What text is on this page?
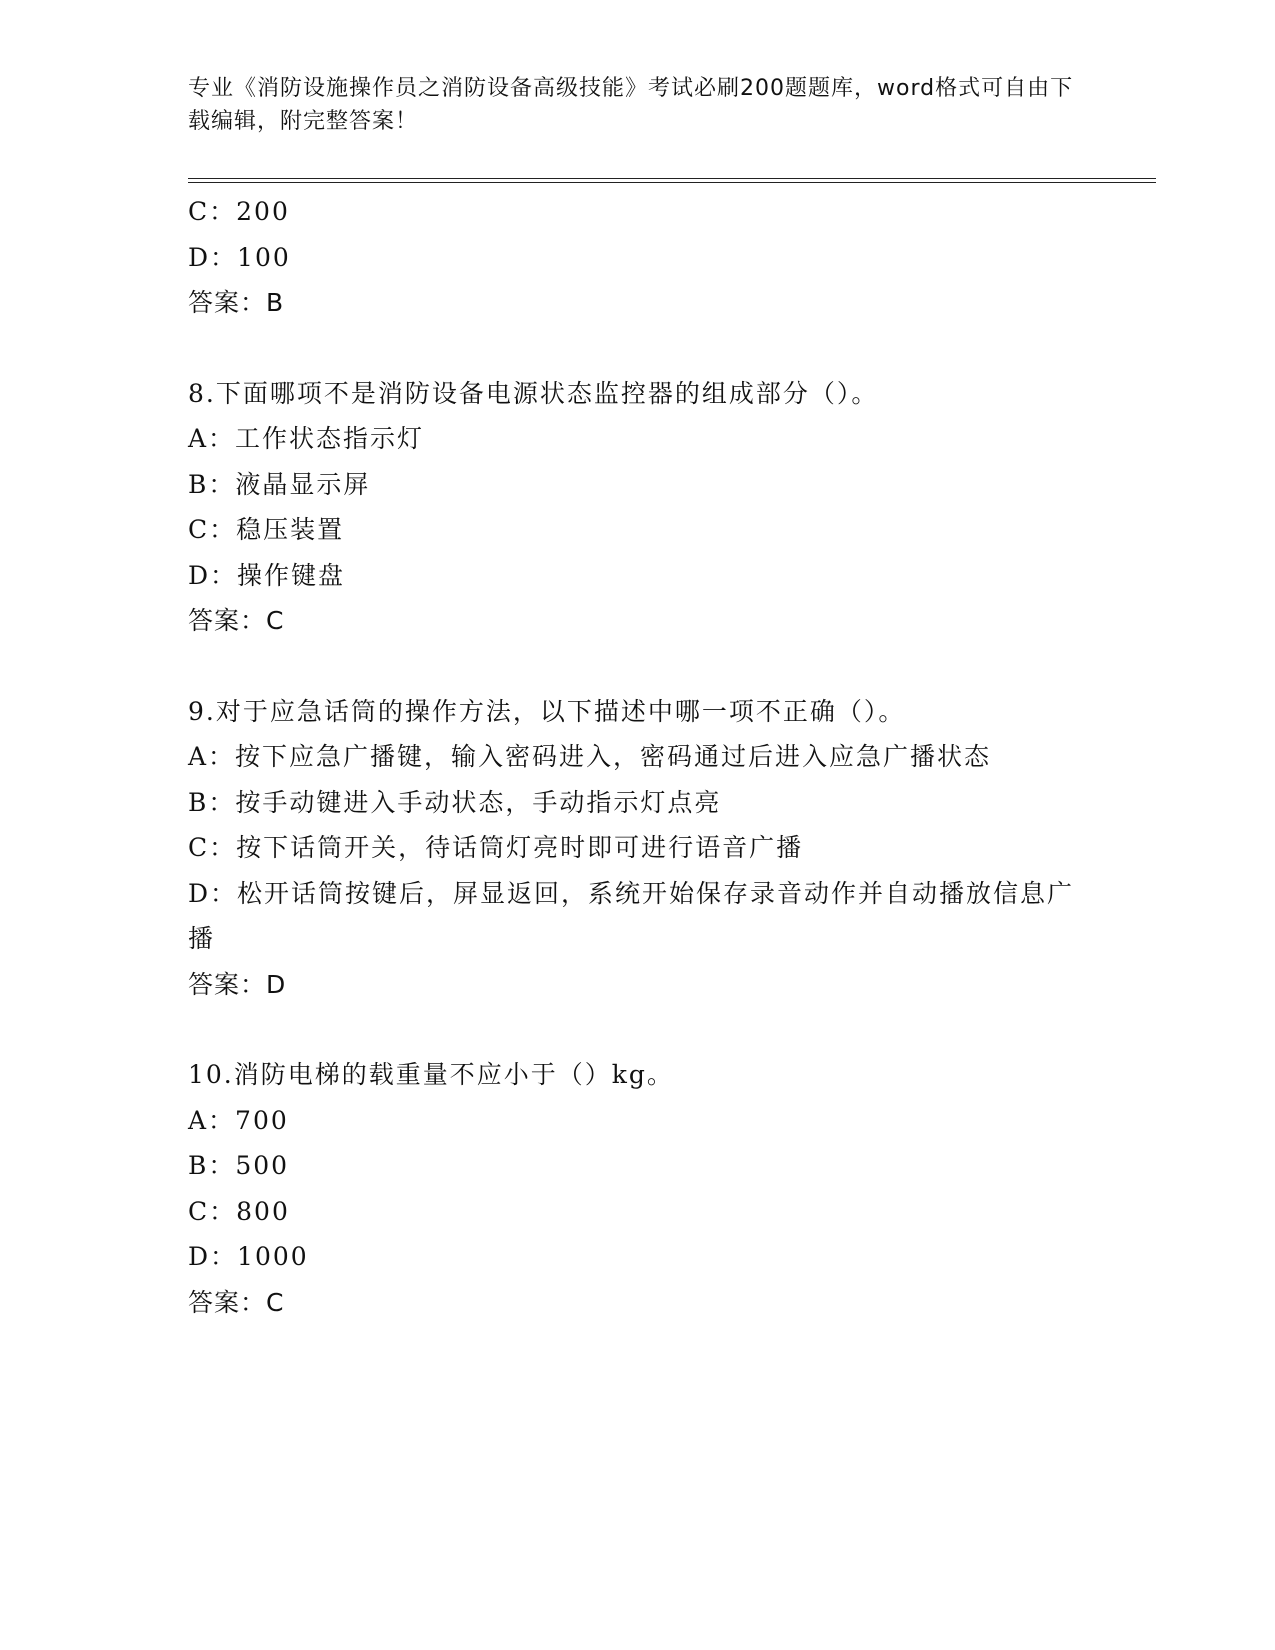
专业《消防设施操作员之消防设备高级技能》考试必刷200题题库，word格式可自由下载编辑，附完整答案！
C：200
D：100
答案：B
8.下面哪项不是消防设备电源状态监控器的组成部分（）。
A：工作状态指示灯
B：液晶显示屏
C：稳压装置
D：操作键盘
答案：C
9.对于应急话筒的操作方法，以下描述中哪一项不正确（）。
A：按下应急广播键，输入密码进入，密码通过后进入应急广播状态
B：按手动键进入手动状态，手动指示灯点亮
C：按下话筒开关，待话筒灯亮时即可进行语音广播
D：松开话筒按键后，屏显返回，系统开始保存录音动作并自动播放信息广播
答案：D
10.消防电梯的载重量不应小于（）kg。
A：700
B：500
C：800
D：1000
答案：C
